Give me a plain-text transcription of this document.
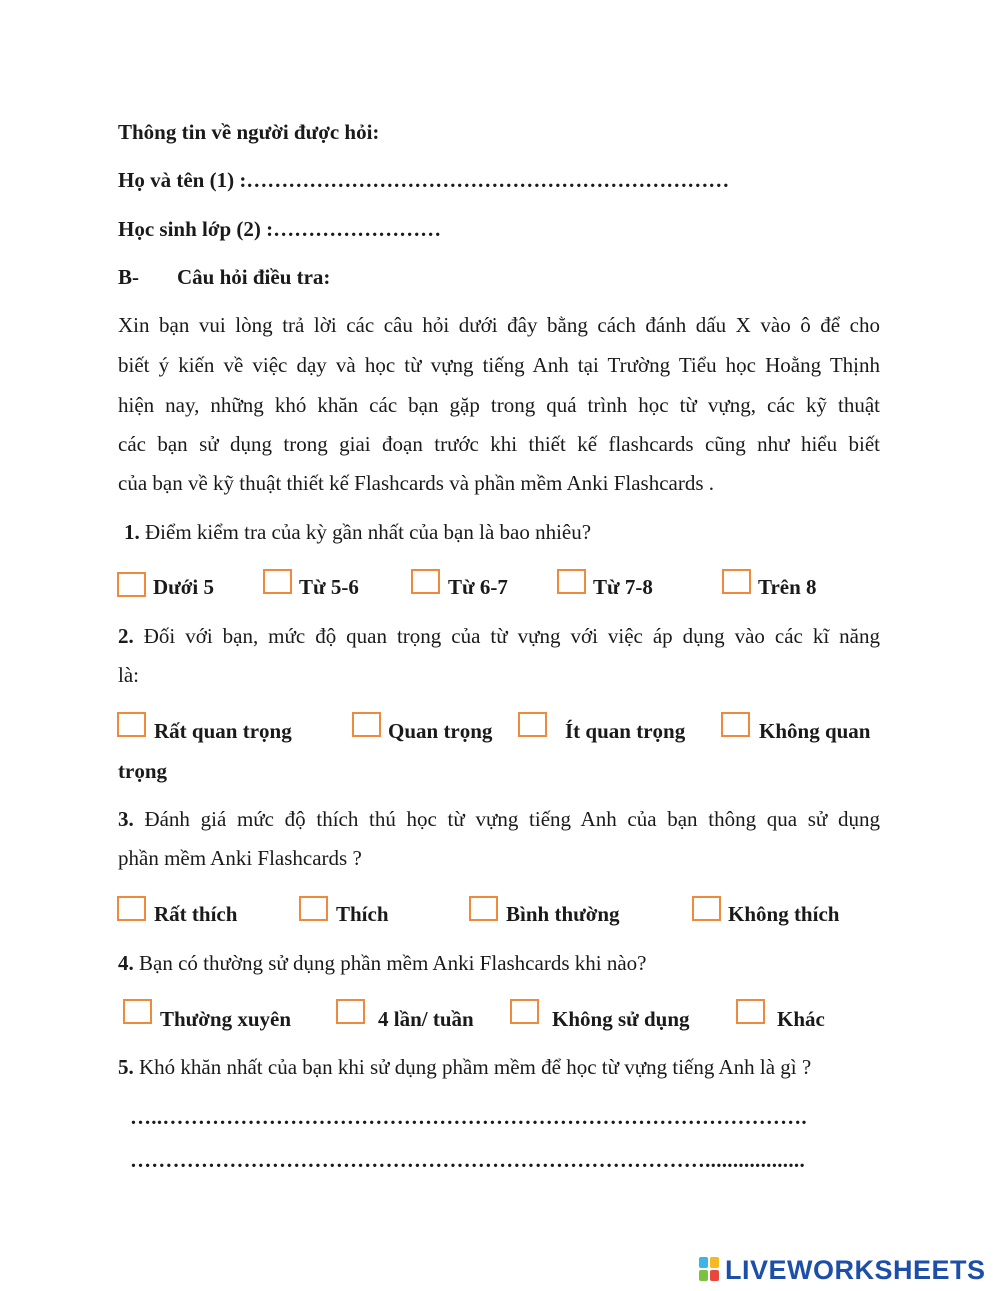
Thông tin về người được hỏi:
Họ và tên (1) :……………………………………………………………
Học sinh lớp (2) :……………………
B- Câu hỏi điều tra:
Xin bạn vui lòng trả lời các câu hỏi dưới đây bằng cách đánh dấu X vào ô để cho
biết ý kiến về việc dạy và học từ vựng tiếng Anh tại Trường Tiểu học Hoằng Thịnh
hiện nay, những khó khăn các bạn gặp trong quá trình học từ vựng, các kỹ thuật
các bạn sử dụng trong giai đoạn trước khi thiết kế flashcards cũng như hiểu biết
của bạn về kỹ thuật thiết kế Flashcards và phần mềm Anki Flashcards .
1. Điểm kiểm tra của kỳ gần nhất của bạn là bao nhiêu?
Dưới 5	Từ 5-6	Từ 6-7	Từ 7-8	Trên 8
2. Đối với bạn, mức độ quan trọng của từ vựng với việc áp dụng vào các kĩ năng
là:
Rất quan trọng	Quan trọng	Ít quan trọng	Không quan
trọng
3. Đánh giá mức độ thích thú học từ vựng tiếng Anh của bạn thông qua sử dụng
phần mềm Anki Flashcards ?
Rất thích	Thích	Bình thường	Không thích
4. Bạn có thường sử dụng phần mềm Anki Flashcards khi nào?
Thường xuyên	4 lần/ tuần	Không sử dụng	Khác
5. Khó khăn nhất của bạn khi sử dụng phầm mềm để học từ vựng tiếng Anh là gì ?
…..……………………………………………………………………………….
………………………………………………………………………..................
LIVEWORKSHEETS
